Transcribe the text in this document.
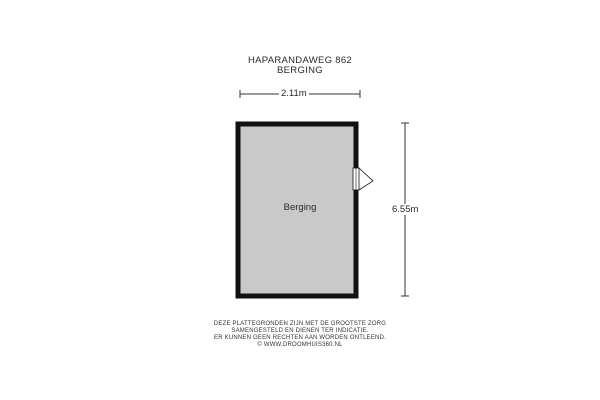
HAPARANDAWEG 862
BERGING
2.11m
6.55m
Berging
DEZE PLATTEGRONDEN ZIJN MET DE GROOTSTE ZORG
SAMENGESTELD EN DIENEN TER INDICATIE.
ER KUNNEN GEEN RECHTEN AAN WORDEN ONTLEEND.
© WWW.DROOMHUIS360.NL
